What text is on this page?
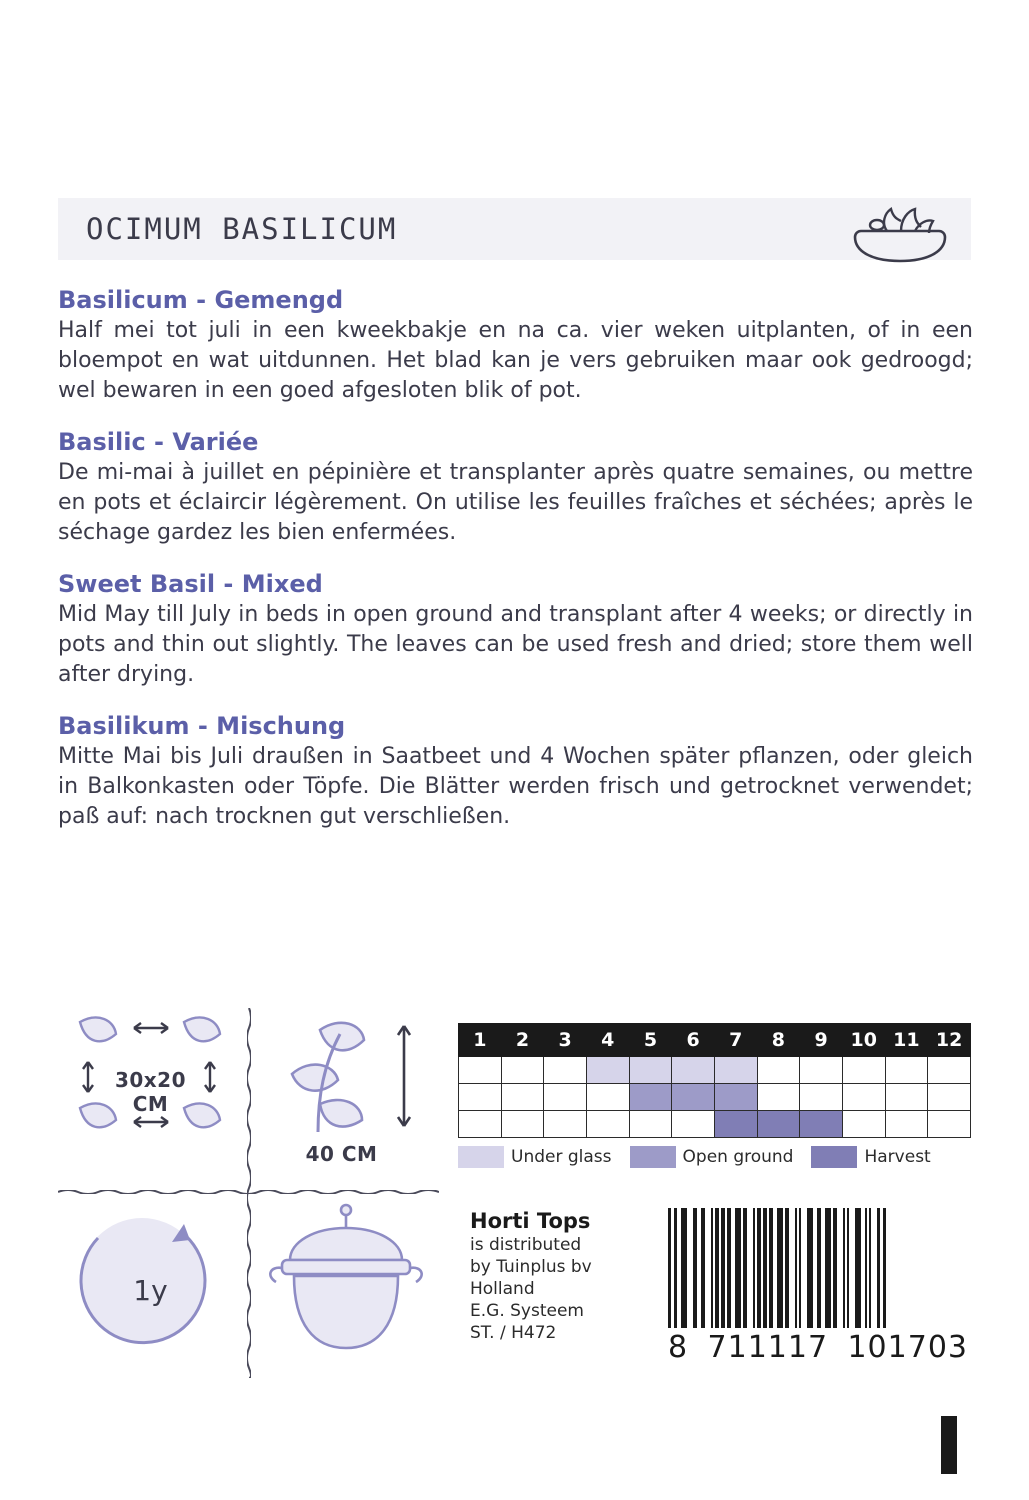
OCIMUM BASILICUM
Basilicum - Gemengd

Half mei tot juli in een kweekbakje en na ca. vier weken uitplanten, of in een bloempot en wat uitdunnen. Het blad kan je vers gebruiken maar ook gedroogd; wel bewaren in een goed afgesloten blik of pot.

Basilic - Variée

De mi-mai à juillet en pépinière et transplanter après quatre semaines, ou mettre en pots et éclaircir légèrement. On utilise les feuilles fraîches et séchées; après le séchage gardez les bien enfermées.

Sweet Basil - Mixed

Mid May till July in beds in open ground and transplant after 4 weeks; or directly in pots and thin out slightly. The leaves can be used fresh and dried; store them well after drying.

Basilikum - Mischung

Mitte Mai bis Juli draußen in Saatbeet und 4 Wochen später pflanzen, oder gleich in Balkonkasten oder Töpfe. Die Blätter werden frisch und getrocknet verwendet; paß auf: nach trocknen gut verschließen.

30x20
CM
40 CM
1y
1	2	3	4	5	6	7	8	9	10	11	12

Under glass	Open ground	Harvest
Horti Tops
is distributed
by Tuinplus bv
Holland
E.G. Systeem
ST. / H472	8 711117 101703
